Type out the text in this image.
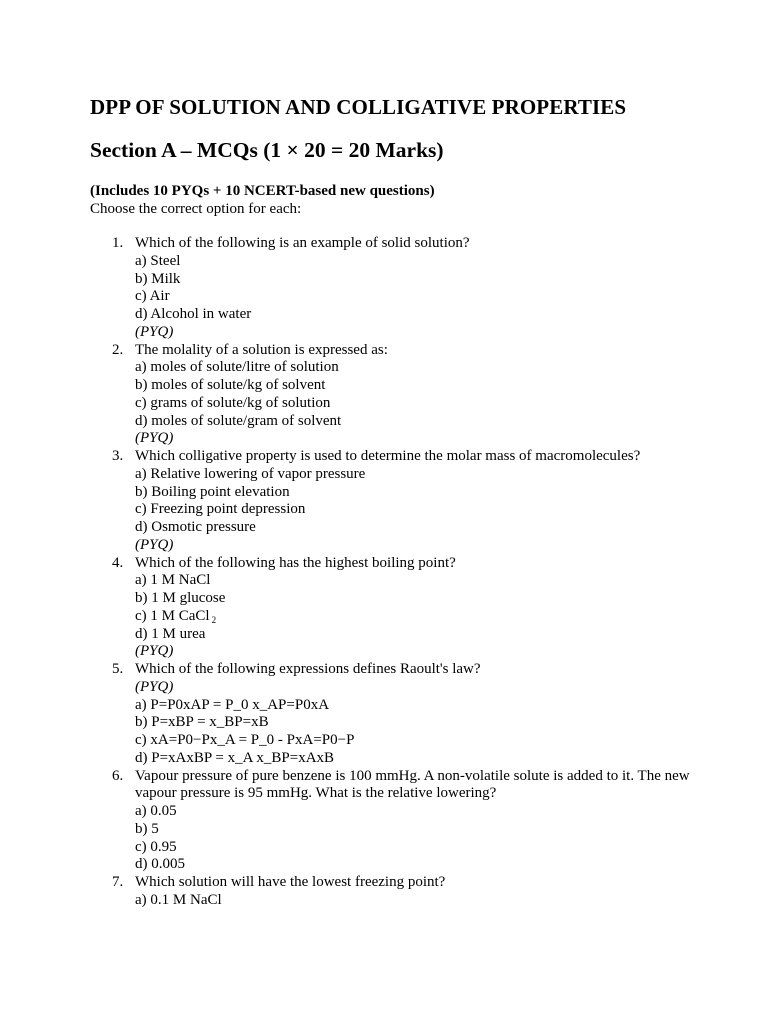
DPP OF SOLUTION AND COLLIGATIVE PROPERTIES
Section A – MCQs (1 × 20 = 20 Marks)

(Includes 10 PYQs + 10 NCERT-based new questions)

Choose the correct option for each:

1. Which of the following is an example of solid solution?
a) Steel
b) Milk
c) Air
d) Alcohol in water
(PYQ)
2. The molality of a solution is expressed as:
a) moles of solute/litre of solution
b) moles of solute/kg of solvent
c) grams of solute/kg of solution
d) moles of solute/gram of solvent
(PYQ)
3. Which colligative property is used to determine the molar mass of macromolecules?
a) Relative lowering of vapor pressure
b) Boiling point elevation
c) Freezing point depression
d) Osmotic pressure
(PYQ)
4. Which of the following has the highest boiling point?
a) 1 M NaCl
b) 1 M glucose
c) 1 M CaCl $_2$
d) 1 M urea
(PYQ)
5. Which of the following expressions defines Raoult's law?
(PYQ)
a) P=P0xAP = P_0 x_AP=P0xA
b) P=xBP = x_BP=xB
c) xA=P0−Px_A = P_0 - PxA=P0−P
d) P=xAxBP = x_A x_BP=xAxB
6. Vapour pressure of pure benzene is 100 mmHg. A non-volatile solute is added to it. The new vapour pressure is 95 mmHg. What is the relative lowering?
a) 0.05
b) 5
c) 0.95
d) 0.005
7. Which solution will have the lowest freezing point?
a) 0.1 M NaCl
